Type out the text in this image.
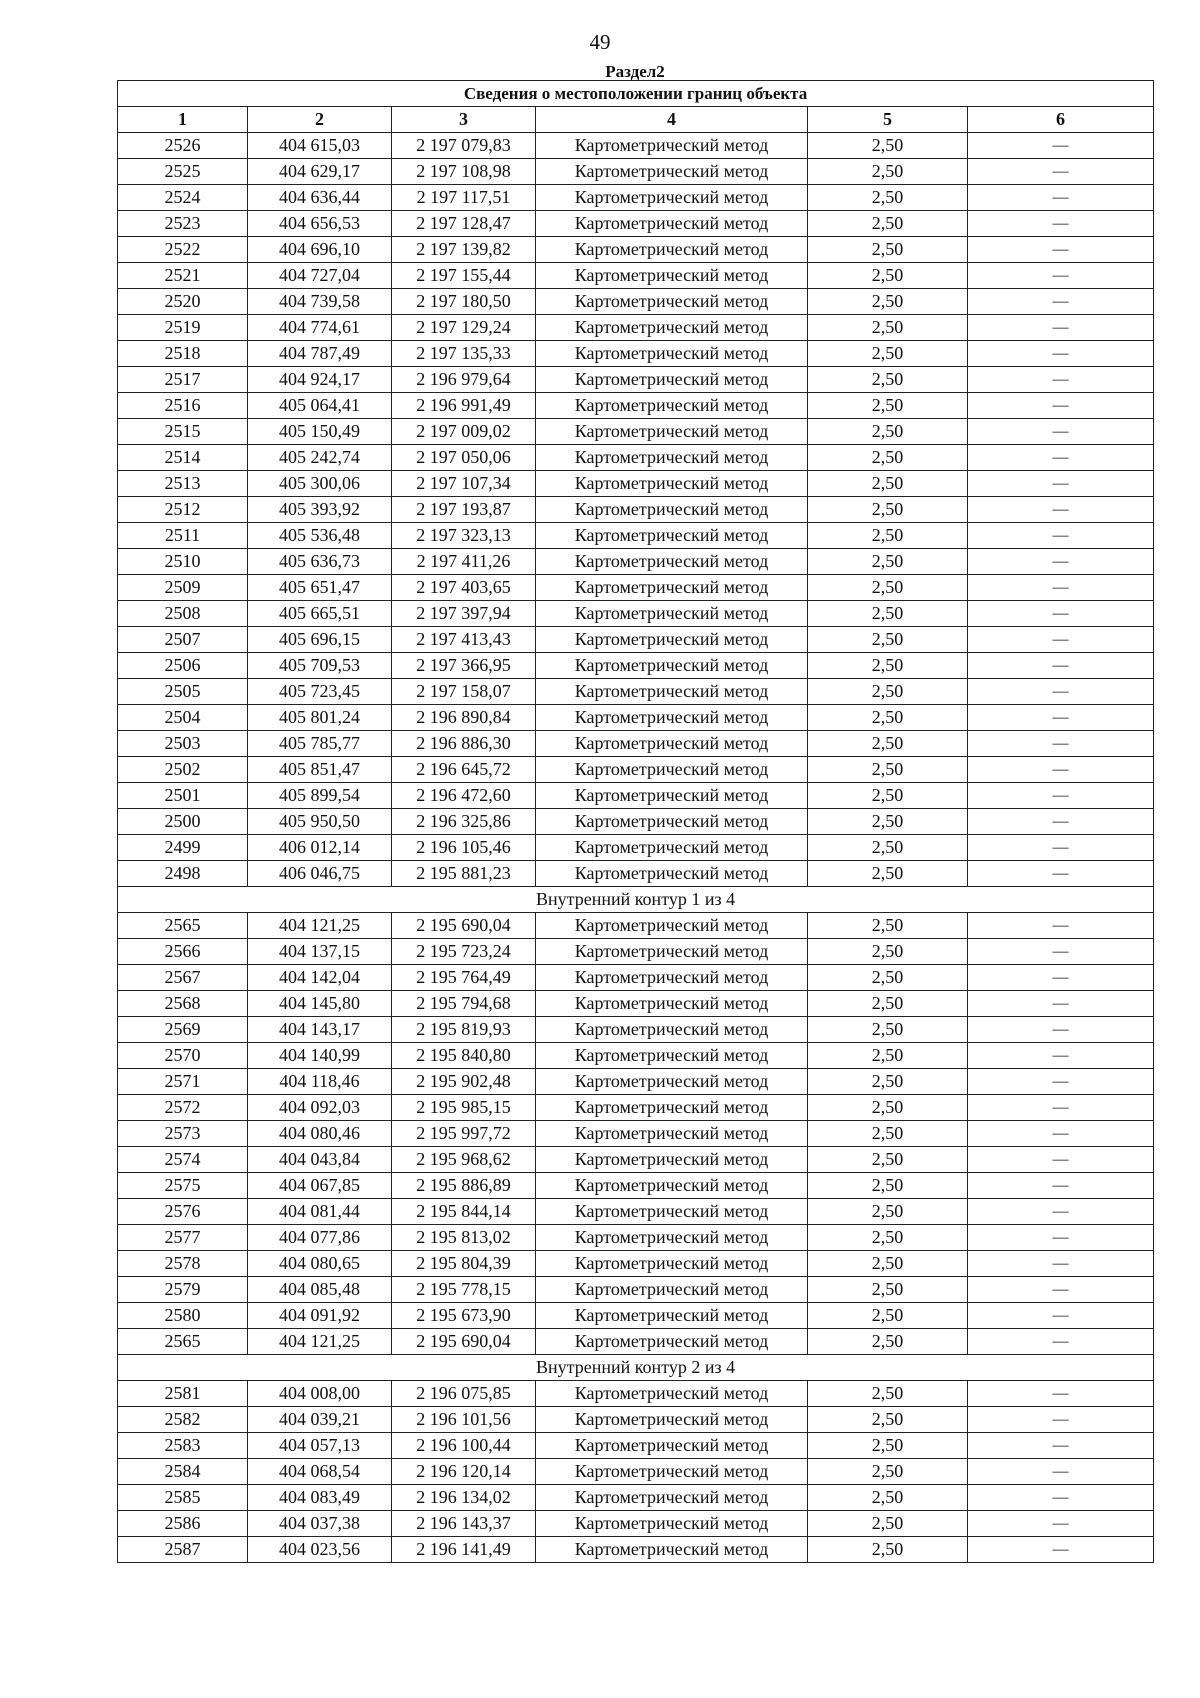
49
Раздел2
Сведения о местоположении границ объекта					
1	2	3	4	5	6
2526	404 615,03	2 197 079,83	Картометрический метод	2,50	—
2525	404 629,17	2 197 108,98	Картометрический метод	2,50	—
2524	404 636,44	2 197 117,51	Картометрический метод	2,50	—
2523	404 656,53	2 197 128,47	Картометрический метод	2,50	—
2522	404 696,10	2 197 139,82	Картометрический метод	2,50	—
2521	404 727,04	2 197 155,44	Картометрический метод	2,50	—
2520	404 739,58	2 197 180,50	Картометрический метод	2,50	—
2519	404 774,61	2 197 129,24	Картометрический метод	2,50	—
2518	404 787,49	2 197 135,33	Картометрический метод	2,50	—
2517	404 924,17	2 196 979,64	Картометрический метод	2,50	—
2516	405 064,41	2 196 991,49	Картометрический метод	2,50	—
2515	405 150,49	2 197 009,02	Картометрический метод	2,50	—
2514	405 242,74	2 197 050,06	Картометрический метод	2,50	—
2513	405 300,06	2 197 107,34	Картометрический метод	2,50	—
2512	405 393,92	2 197 193,87	Картометрический метод	2,50	—
2511	405 536,48	2 197 323,13	Картометрический метод	2,50	—
2510	405 636,73	2 197 411,26	Картометрический метод	2,50	—
2509	405 651,47	2 197 403,65	Картометрический метод	2,50	—
2508	405 665,51	2 197 397,94	Картометрический метод	2,50	—
2507	405 696,15	2 197 413,43	Картометрический метод	2,50	—
2506	405 709,53	2 197 366,95	Картометрический метод	2,50	—
2505	405 723,45	2 197 158,07	Картометрический метод	2,50	—
2504	405 801,24	2 196 890,84	Картометрический метод	2,50	—
2503	405 785,77	2 196 886,30	Картометрический метод	2,50	—
2502	405 851,47	2 196 645,72	Картометрический метод	2,50	—
2501	405 899,54	2 196 472,60	Картометрический метод	2,50	—
2500	405 950,50	2 196 325,86	Картометрический метод	2,50	—
2499	406 012,14	2 196 105,46	Картометрический метод	2,50	—
2498	406 046,75	2 195 881,23	Картометрический метод	2,50	—
Внутренний контур 1 из 4					
2565	404 121,25	2 195 690,04	Картометрический метод	2,50	—
2566	404 137,15	2 195 723,24	Картометрический метод	2,50	—
2567	404 142,04	2 195 764,49	Картометрический метод	2,50	—
2568	404 145,80	2 195 794,68	Картометрический метод	2,50	—
2569	404 143,17	2 195 819,93	Картометрический метод	2,50	—
2570	404 140,99	2 195 840,80	Картометрический метод	2,50	—
2571	404 118,46	2 195 902,48	Картометрический метод	2,50	—
2572	404 092,03	2 195 985,15	Картометрический метод	2,50	—
2573	404 080,46	2 195 997,72	Картометрический метод	2,50	—
2574	404 043,84	2 195 968,62	Картометрический метод	2,50	—
2575	404 067,85	2 195 886,89	Картометрический метод	2,50	—
2576	404 081,44	2 195 844,14	Картометрический метод	2,50	—
2577	404 077,86	2 195 813,02	Картометрический метод	2,50	—
2578	404 080,65	2 195 804,39	Картометрический метод	2,50	—
2579	404 085,48	2 195 778,15	Картометрический метод	2,50	—
2580	404 091,92	2 195 673,90	Картометрический метод	2,50	—
2565	404 121,25	2 195 690,04	Картометрический метод	2,50	—
Внутренний контур 2 из 4					
2581	404 008,00	2 196 075,85	Картометрический метод	2,50	—
2582	404 039,21	2 196 101,56	Картометрический метод	2,50	—
2583	404 057,13	2 196 100,44	Картометрический метод	2,50	—
2584	404 068,54	2 196 120,14	Картометрический метод	2,50	—
2585	404 083,49	2 196 134,02	Картометрический метод	2,50	—
2586	404 037,38	2 196 143,37	Картометрический метод	2,50	—
2587	404 023,56	2 196 141,49	Картометрический метод	2,50	—
